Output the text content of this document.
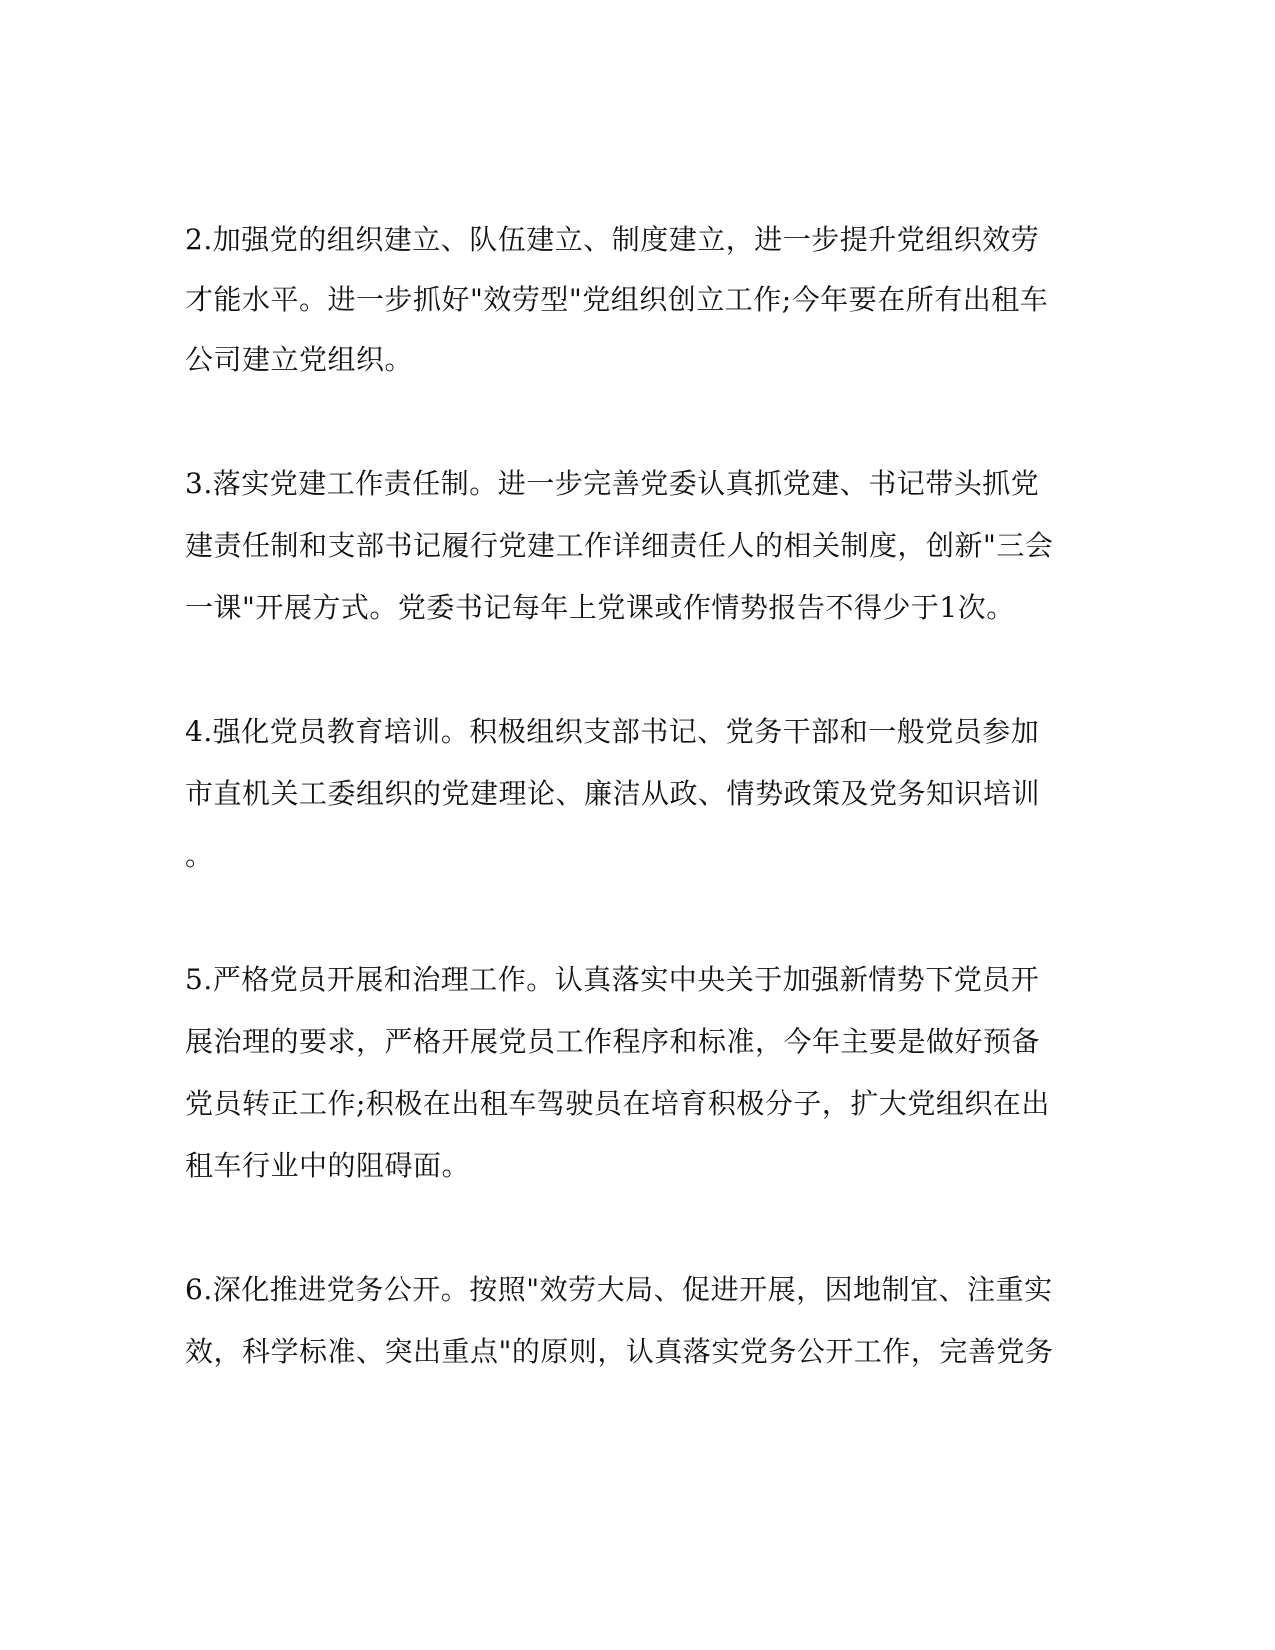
2.加强党的组织建立、队伍建立、制度建立，进一步提升党组织效劳
才能水平。进一步抓好"效劳型"党组织创立工作;今年要在所有出租车
公司建立党组织。
3.落实党建工作责任制。进一步完善党委认真抓党建、书记带头抓党
建责任制和支部书记履行党建工作详细责任人的相关制度，创新"三会
一课"开展方式。党委书记每年上党课或作情势报告不得少于1次。
4.强化党员教育培训。积极组织支部书记、党务干部和一般党员参加
市直机关工委组织的党建理论、廉洁从政、情势政策及党务知识培训
。
5.严格党员开展和治理工作。认真落实中央关于加强新情势下党员开
展治理的要求，严格开展党员工作程序和标准，今年主要是做好预备
党员转正工作;积极在出租车驾驶员在培育积极分子，扩大党组织在出
租车行业中的阻碍面。
6.深化推进党务公开。按照"效劳大局、促进开展，因地制宜、注重实
效，科学标准、突出重点"的原则，认真落实党务公开工作，完善党务
